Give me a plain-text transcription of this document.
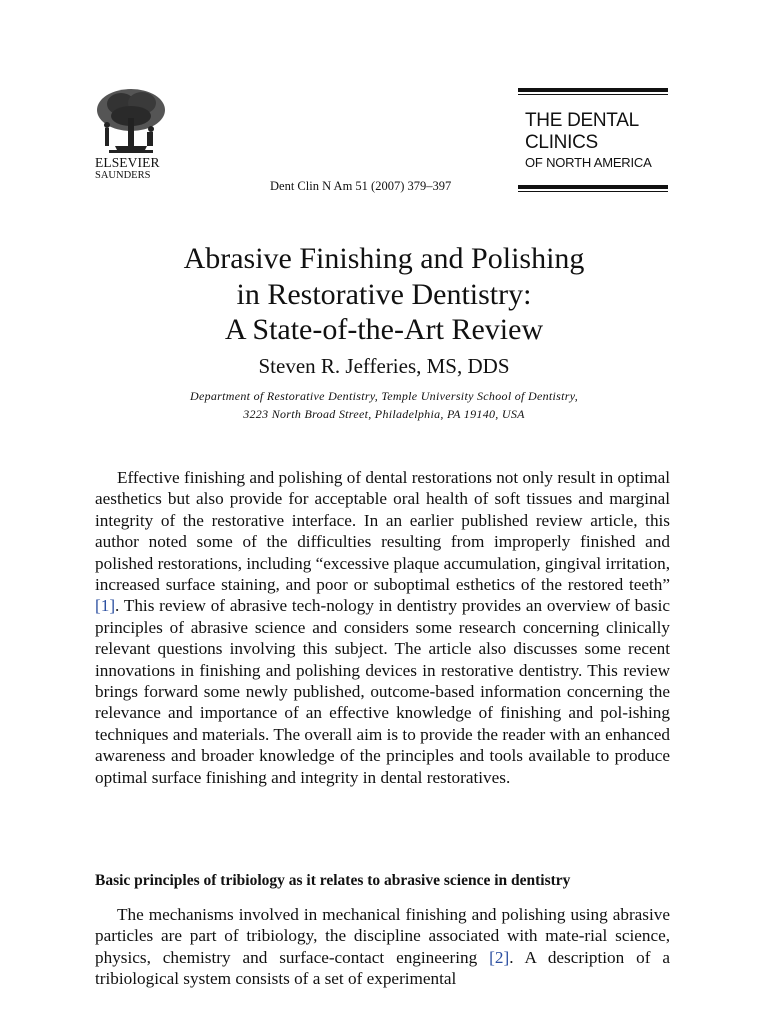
ELSEVIER
SAUNDERS
Dent Clin N Am 51 (2007) 379–397
THE DENTAL
CLINICS
OF NORTH AMERICA
Abrasive Finishing and Polishing
in Restorative Dentistry:
A State-of-the-Art Review
Steven R. Jefferies, MS, DDS
Department of Restorative Dentistry, Temple University School of Dentistry,
3223 North Broad Street, Philadelphia, PA 19140, USA

Effective finishing and polishing of dental restorations not only result in optimal aesthetics but also provide for acceptable oral health of soft tissues and marginal integrity of the restorative interface. In an earlier published review article, this author noted some of the difficulties resulting from improperly finished and polished restorations, including “excessive plaque accumulation, gingival irritation, increased surface staining, and poor or suboptimal esthetics of the restored teeth” [1]. This review of abrasive tech-nology in dentistry provides an overview of basic principles of abrasive science and considers some research concerning clinically relevant questions involving this subject. The article also discusses some recent innovations in finishing and polishing devices in restorative dentistry. This review brings forward some newly published, outcome-based information concerning the relevance and importance of an effective knowledge of finishing and pol-ishing techniques and materials. The overall aim is to provide the reader with an enhanced awareness and broader knowledge of the principles and tools available to produce optimal surface finishing and integrity in dental restoratives.

Basic principles of tribiology as it relates to abrasive science in dentistry

The mechanisms involved in mechanical finishing and polishing using abrasive particles are part of tribiology, the discipline associated with mate-rial science, physics, chemistry and surface-contact engineering [2]. A description of a tribiological system consists of a set of experimental
